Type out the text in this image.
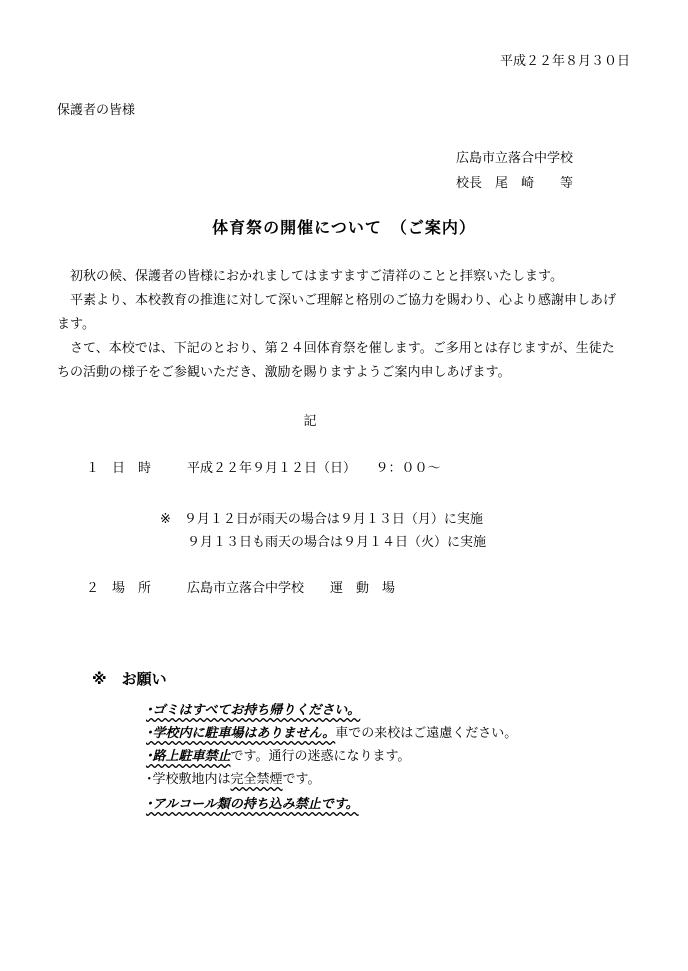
平成２２年８月３０日
保護者の皆様
広島市立落合中学校
校長　尾　崎　　等
体育祭の開催について　（ご案内）

　初秋の候、保護者の皆様におかれましてはますますご清祥のことと拝察いたします。

　平素より、本校教育の推進に対して深いご理解と格別のご協力を賜わり、心より感謝申しあげます。

　さて、本校では、下記のとおり、第２４回体育祭を催します。ご多用とは存じますが、生徒たちの活動の様子をご参観いただき、激励を賜りますようご案内申しあげます。

記
１　日　時	平成２２年９月１２日（日）　　９：００～
※　９月１２日が雨天の場合は９月１３日（月）に実施
９月１３日も雨天の場合は９月１４日（火）に実施
２　場　所	広島市立落合中学校　　運　動　場
※　お願い
･ゴミはすべてお持ち帰りください。
･学校内に駐車場はありません。車での来校はご遠慮ください。
･路上駐車禁止です。通行の迷惑になります。
･学校敷地内は完全禁煙です。
･アルコール類の持ち込み禁止です。
